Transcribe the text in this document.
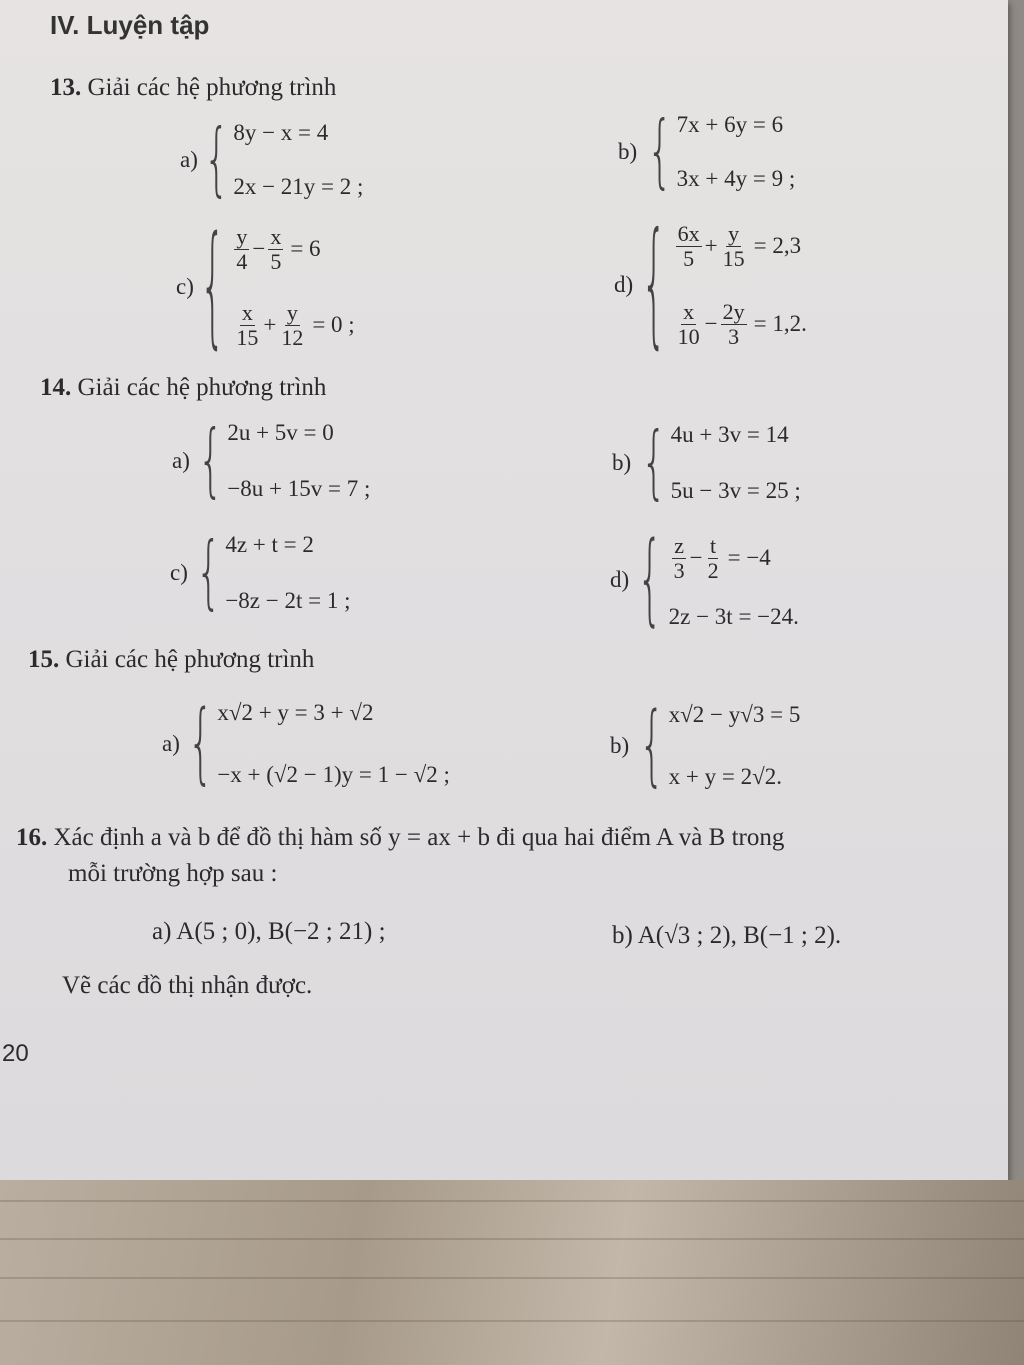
IV. Luyện tập
13. Giải các hệ phương trình
a) { 8y − x = 4
2x − 21y = 2 ;
b) { 7x + 6y = 6
3x + 4y = 9 ;
c) { $\frac{y}{4} - \frac{x}{5} = 6$
$\frac{x}{15} + \frac{y}{12} = 0$ ;
d) { $\frac{6x}{5} + \frac{y}{15} = 2,3$
$\frac{x}{10} - \frac{2y}{3} = 1,2$.
14. Giải các hệ phương trình
a) { 2u + 5v = 0
−8u + 15v = 7 ;
b) { 4u + 3v = 14
5u − 3v = 25 ;
c) { 4z + t = 2
−8z − 2t = 1 ;
d) { $\frac{z}{3} - \frac{t}{2} = -4$
2z − 3t = −24.
15. Giải các hệ phương trình
a) { x√2 + y = 3 + √2
−x + (√2 − 1)y = 1 − √2 ;
b) { x√2 − y√3 = 5
x + y = 2√2.
16. Xác định a và b để đồ thị hàm số y = ax + b đi qua hai điểm A và B trong
mỗi trường hợp sau :
a) A(5 ; 0), B(−2 ; 21) ;	b) A(√3 ; 2), B(−1 ; 2).
Vẽ các đồ thị nhận được.
20
